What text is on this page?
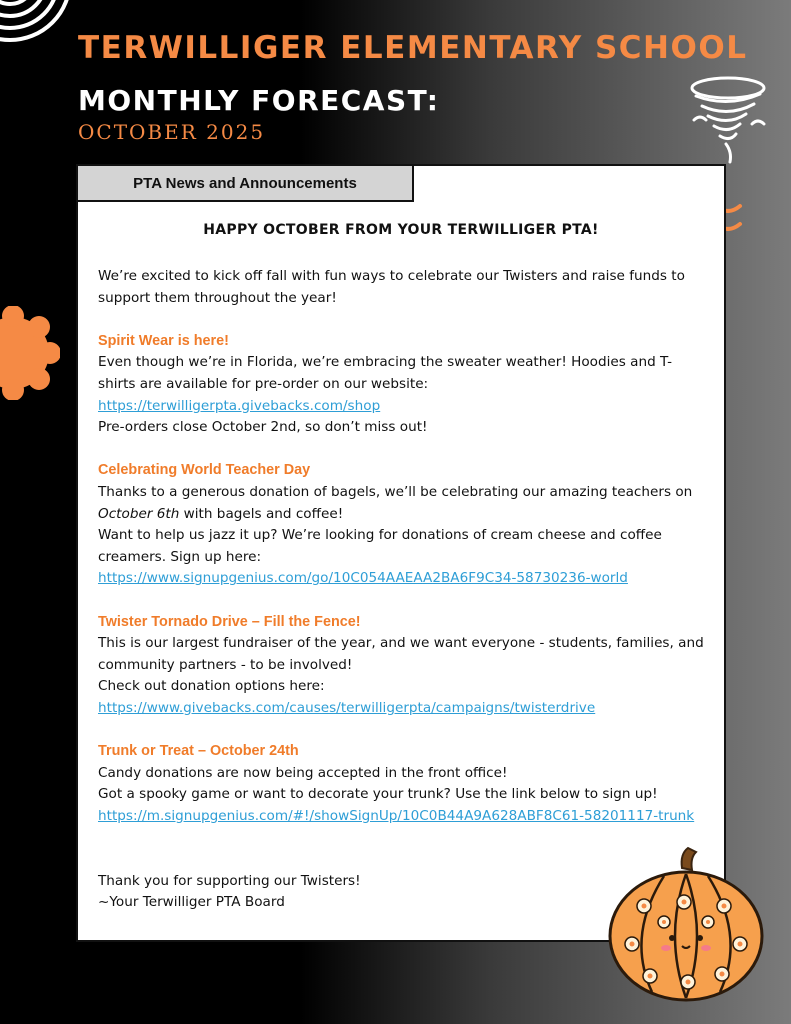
TERWILLIGER ELEMENTARY SCHOOL
MONTHLY FORECAST:
OCTOBER 2025
PTA News and Announcements
HAPPY OCTOBER FROM YOUR TERWILLIGER PTA!

We’re excited to kick off fall with fun ways to celebrate our Twisters and raise funds to support them throughout the year!

Spirit Wear is here!

Even though we’re in Florida, we’re embracing the sweater weather! Hoodies and T-shirts are available for pre-order on our website:

https://terwilligerpta.givebacks.com/shop

Pre-orders close October 2nd, so don’t miss out!

Celebrating World Teacher Day

Thanks to a generous donation of bagels, we’ll be celebrating our amazing teachers on October 6th with bagels and coffee!

Want to help us jazz it up? We’re looking for donations of cream cheese and coffee creamers. Sign up here:

https://www.signupgenius.com/go/10C054AAEAA2BA6F9C34-58730236-world

Twister Tornado Drive – Fill the Fence!

This is our largest fundraiser of the year, and we want everyone - students, families, and community partners - to be involved!

Check out donation options here:

https://www.givebacks.com/causes/terwilligerpta/campaigns/twisterdrive

Trunk or Treat – October 24th

Candy donations are now being accepted in the front office!

Got a spooky game or want to decorate your trunk? Use the link below to sign up!

https://m.signupgenius.com/#!/showSignUp/10C0B44A9A628ABF8C61-58201117-trunk

Thank you for supporting our Twisters!

~Your Terwilliger PTA Board
